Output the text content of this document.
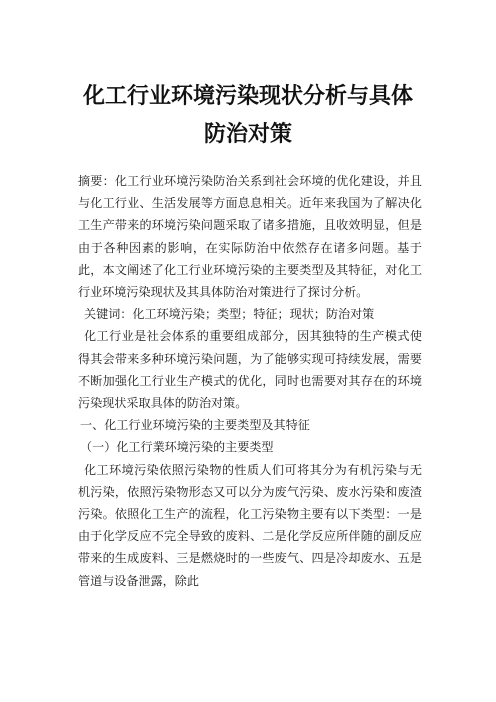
化工行业环境污染现状分析与具体
防治对策

摘要：化工行业环境污染防治关系到社会环境的优化建设，并且与化工行业、生活发展等方面息息相关。近年来我国为了解决化工生产带来的环境污染问题采取了诸多措施，且收效明显，但是由于各种因素的影响，在实际防治中依然存在诸多问题。基于此，本文阐述了化工行业环境污染的主要类型及其特征，对化工行业环境污染现状及其具体防治对策进行了探讨分析。

关键词：化工环境污染；类型；特征；现状；防治对策

化工行业是社会体系的重要组成部分，因其独特的生产模式使得其会带来多种环境污染问题，为了能够实现可持续发展，需要不断加强化工行业生产模式的优化，同时也需要对其存在的环境污染现状采取具体的防治对策。

一、化工行业环境污染的主要类型及其特征

（一）化工行業环境污染的主要类型

化工环境污染依照污染物的性质人们可将其分为有机污染与无机污染，依照污染物形态又可以分为废气污染、废水污染和废渣污染。依照化工生产的流程，化工污染物主要有以下类型：一是由于化学反应不完全导致的废料、二是化学反应所伴随的副反应带来的生成废料、三是燃烧时的一些废气、四是冷却废水、五是管道与设备泄露，除此
